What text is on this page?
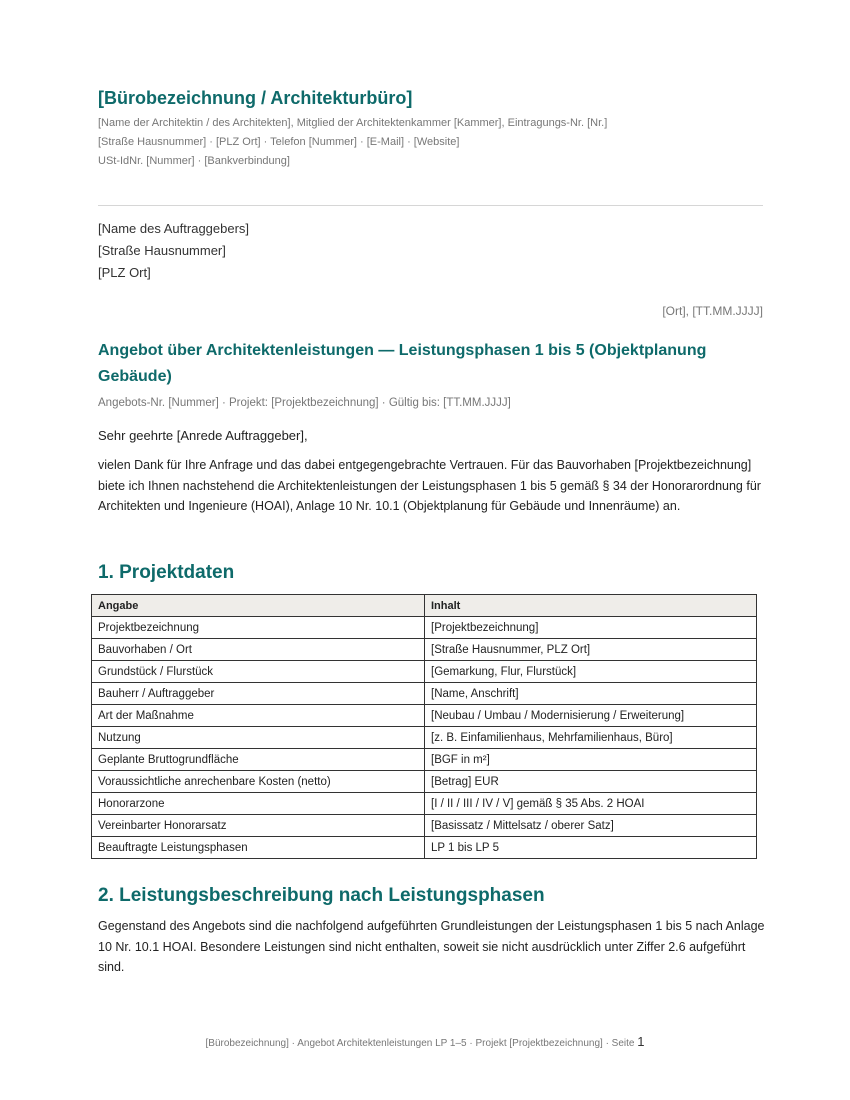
[Bürobezeichnung / Architekturbüro]
[Name der Architektin / des Architekten], Mitglied der Architektenkammer [Kammer], Eintragungs-Nr. [Nr.]
[Straße Hausnummer] · [PLZ Ort] · Telefon [Nummer] · [E-Mail] · [Website]
USt-IdNr. [Nummer] · [Bankverbindung]
[Name des Auftraggebers]
[Straße Hausnummer]
[PLZ Ort]
[Ort], [TT.MM.JJJJ]
Angebot über Architektenleistungen — Leistungsphasen 1 bis 5 (Objektplanung Gebäude)
Angebots-Nr. [Nummer] · Projekt: [Projektbezeichnung] · Gültig bis: [TT.MM.JJJJ]
Sehr geehrte [Anrede Auftraggeber],
vielen Dank für Ihre Anfrage und das dabei entgegengebrachte Vertrauen. Für das Bauvorhaben [Projektbezeichnung] biete ich Ihnen nachstehend die Architektenleistungen der Leistungsphasen 1 bis 5 gemäß § 34 der Honorarordnung für Architekten und Ingenieure (HOAI), Anlage 10 Nr. 10.1 (Objektplanung für Gebäude und Innenräume) an.
1. Projektdaten
Angabe	Inhalt
Projektbezeichnung	[Projektbezeichnung]
Bauvorhaben / Ort	[Straße Hausnummer, PLZ Ort]
Grundstück / Flurstück	[Gemarkung, Flur, Flurstück]
Bauherr / Auftraggeber	[Name, Anschrift]
Art der Maßnahme	[Neubau / Umbau / Modernisierung / Erweiterung]
Nutzung	[z. B. Einfamilienhaus, Mehrfamilienhaus, Büro]
Geplante Bruttogrundfläche	[BGF in m²]
Voraussichtliche anrechenbare Kosten (netto)	[Betrag] EUR
Honorarzone	[I / II / III / IV / V] gemäß § 35 Abs. 2 HOAI
Vereinbarter Honorarsatz	[Basissatz / Mittelsatz / oberer Satz]
Beauftragte Leistungsphasen	LP 1 bis LP 5
2. Leistungsbeschreibung nach Leistungsphasen
Gegenstand des Angebots sind die nachfolgend aufgeführten Grundleistungen der Leistungsphasen 1 bis 5 nach Anlage 10 Nr. 10.1 HOAI. Besondere Leistungen sind nicht enthalten, soweit sie nicht ausdrücklich unter Ziffer 2.6 aufgeführt sind.
[Bürobezeichnung] · Angebot Architektenleistungen LP 1–5 · Projekt [Projektbezeichnung] · Seite 1
